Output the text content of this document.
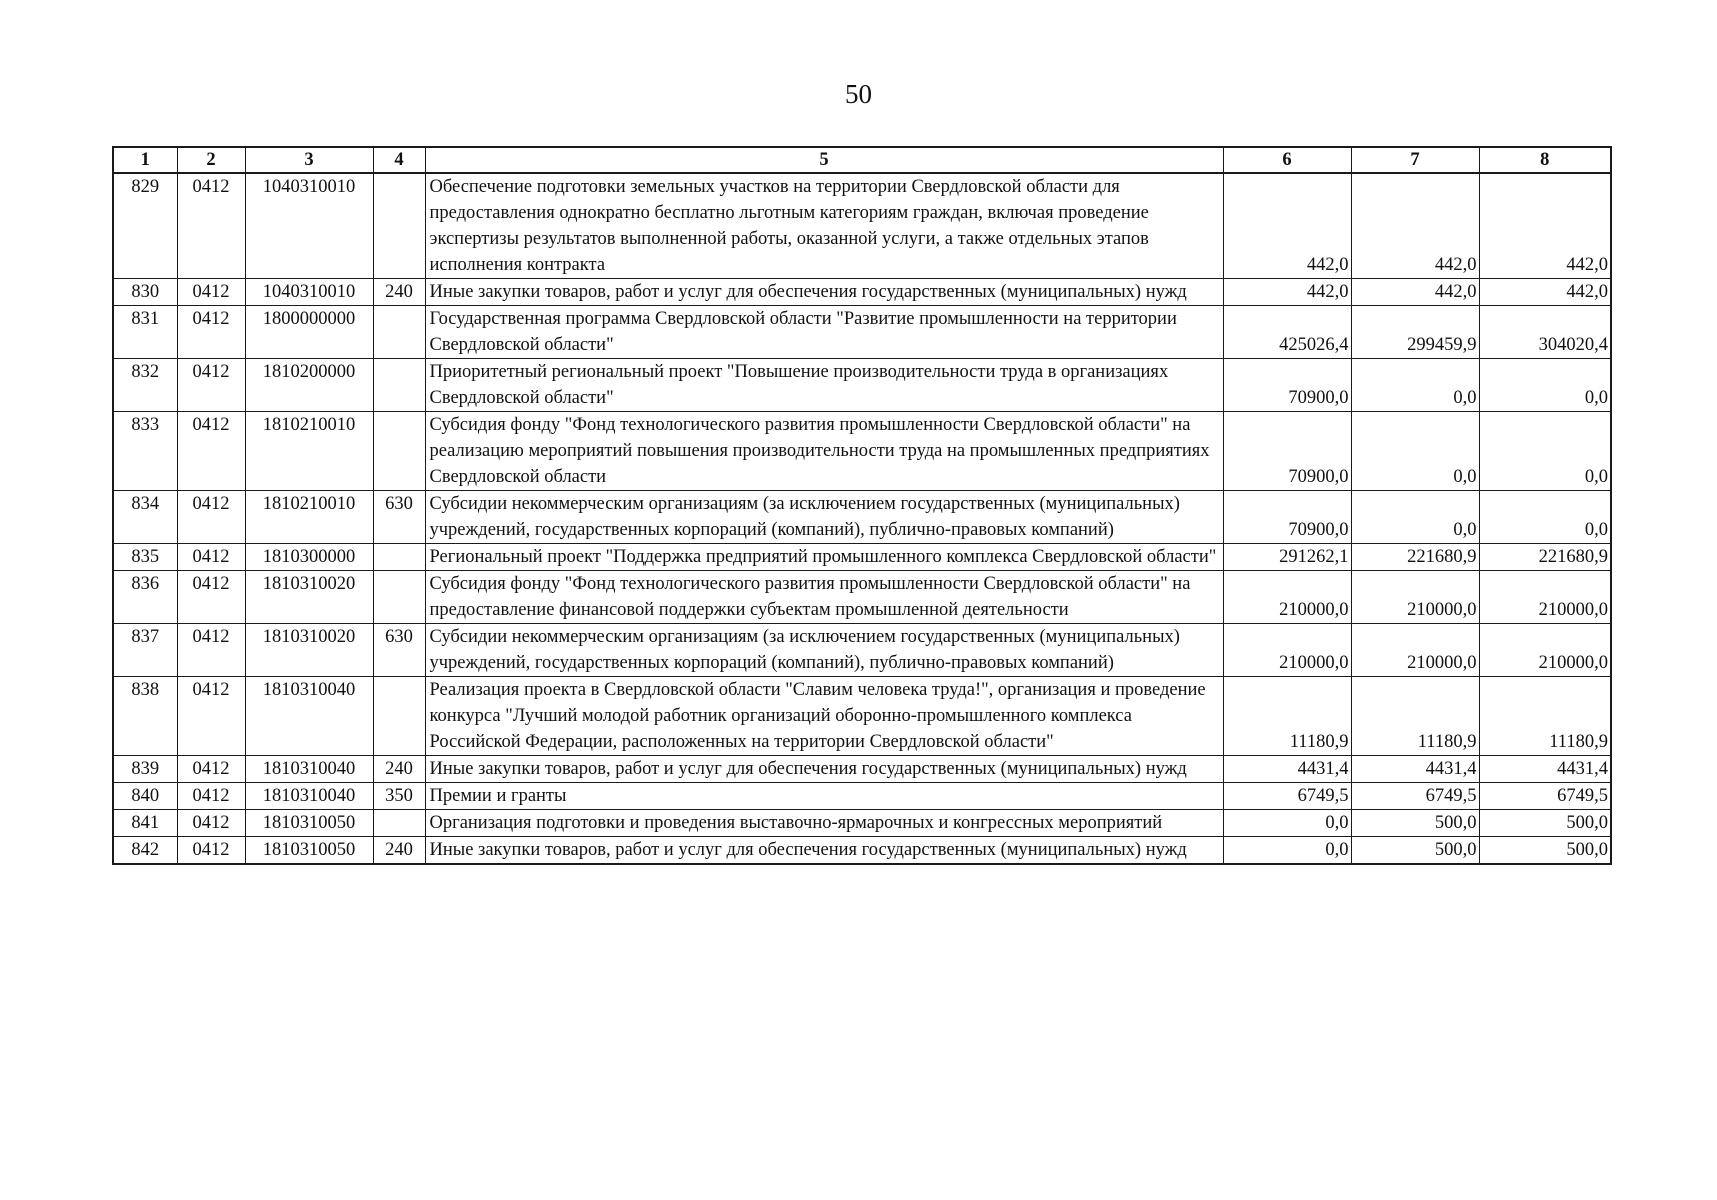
50
1	2	3	4	5	6	7	8
829	0412	1040310010		Обеспечение подготовки земельных участков на территории Свердловской области для предоставления однократно бесплатно льготным категориям граждан, включая проведение экспертизы результатов выполненной работы, оказанной услуги, а также отдельных этапов исполнения контракта	442,0	442,0	442,0
830	0412	1040310010	240	Иные закупки товаров, работ и услуг для обеспечения государственных (муниципальных) нужд	442,0	442,0	442,0
831	0412	1800000000		Государственная программа Свердловской области "Развитие промышленности на территории Свердловской области"	425026,4	299459,9	304020,4
832	0412	1810200000		Приоритетный региональный проект "Повышение производительности труда в организациях Свердловской области"	70900,0	0,0	0,0
833	0412	1810210010		Субсидия фонду "Фонд технологического развития промышленности Свердловской области" на реализацию мероприятий повышения производительности труда на промышленных предприятиях Свердловской области	70900,0	0,0	0,0
834	0412	1810210010	630	Субсидии некоммерческим организациям (за исключением государственных (муниципальных) учреждений, государственных корпораций (компаний), публично-правовых компаний)	70900,0	0,0	0,0
835	0412	1810300000		Региональный проект "Поддержка предприятий промышленного комплекса Свердловской области"	291262,1	221680,9	221680,9
836	0412	1810310020		Субсидия фонду "Фонд технологического развития промышленности Свердловской области" на предоставление финансовой поддержки субъектам промышленной деятельности	210000,0	210000,0	210000,0
837	0412	1810310020	630	Субсидии некоммерческим организациям (за исключением государственных (муниципальных) учреждений, государственных корпораций (компаний), публично-правовых компаний)	210000,0	210000,0	210000,0
838	0412	1810310040		Реализация проекта в Свердловской области "Славим человека труда!", организация и проведение конкурса "Лучший молодой работник организаций оборонно-промышленного комплекса Российской Федерации, расположенных на территории Свердловской области"	11180,9	11180,9	11180,9
839	0412	1810310040	240	Иные закупки товаров, работ и услуг для обеспечения государственных (муниципальных) нужд	4431,4	4431,4	4431,4
840	0412	1810310040	350	Премии и гранты	6749,5	6749,5	6749,5
841	0412	1810310050		Организация подготовки и проведения выставочно-ярмарочных и конгрессных мероприятий	0,0	500,0	500,0
842	0412	1810310050	240	Иные закупки товаров, работ и услуг для обеспечения государственных (муниципальных) нужд	0,0	500,0	500,0
